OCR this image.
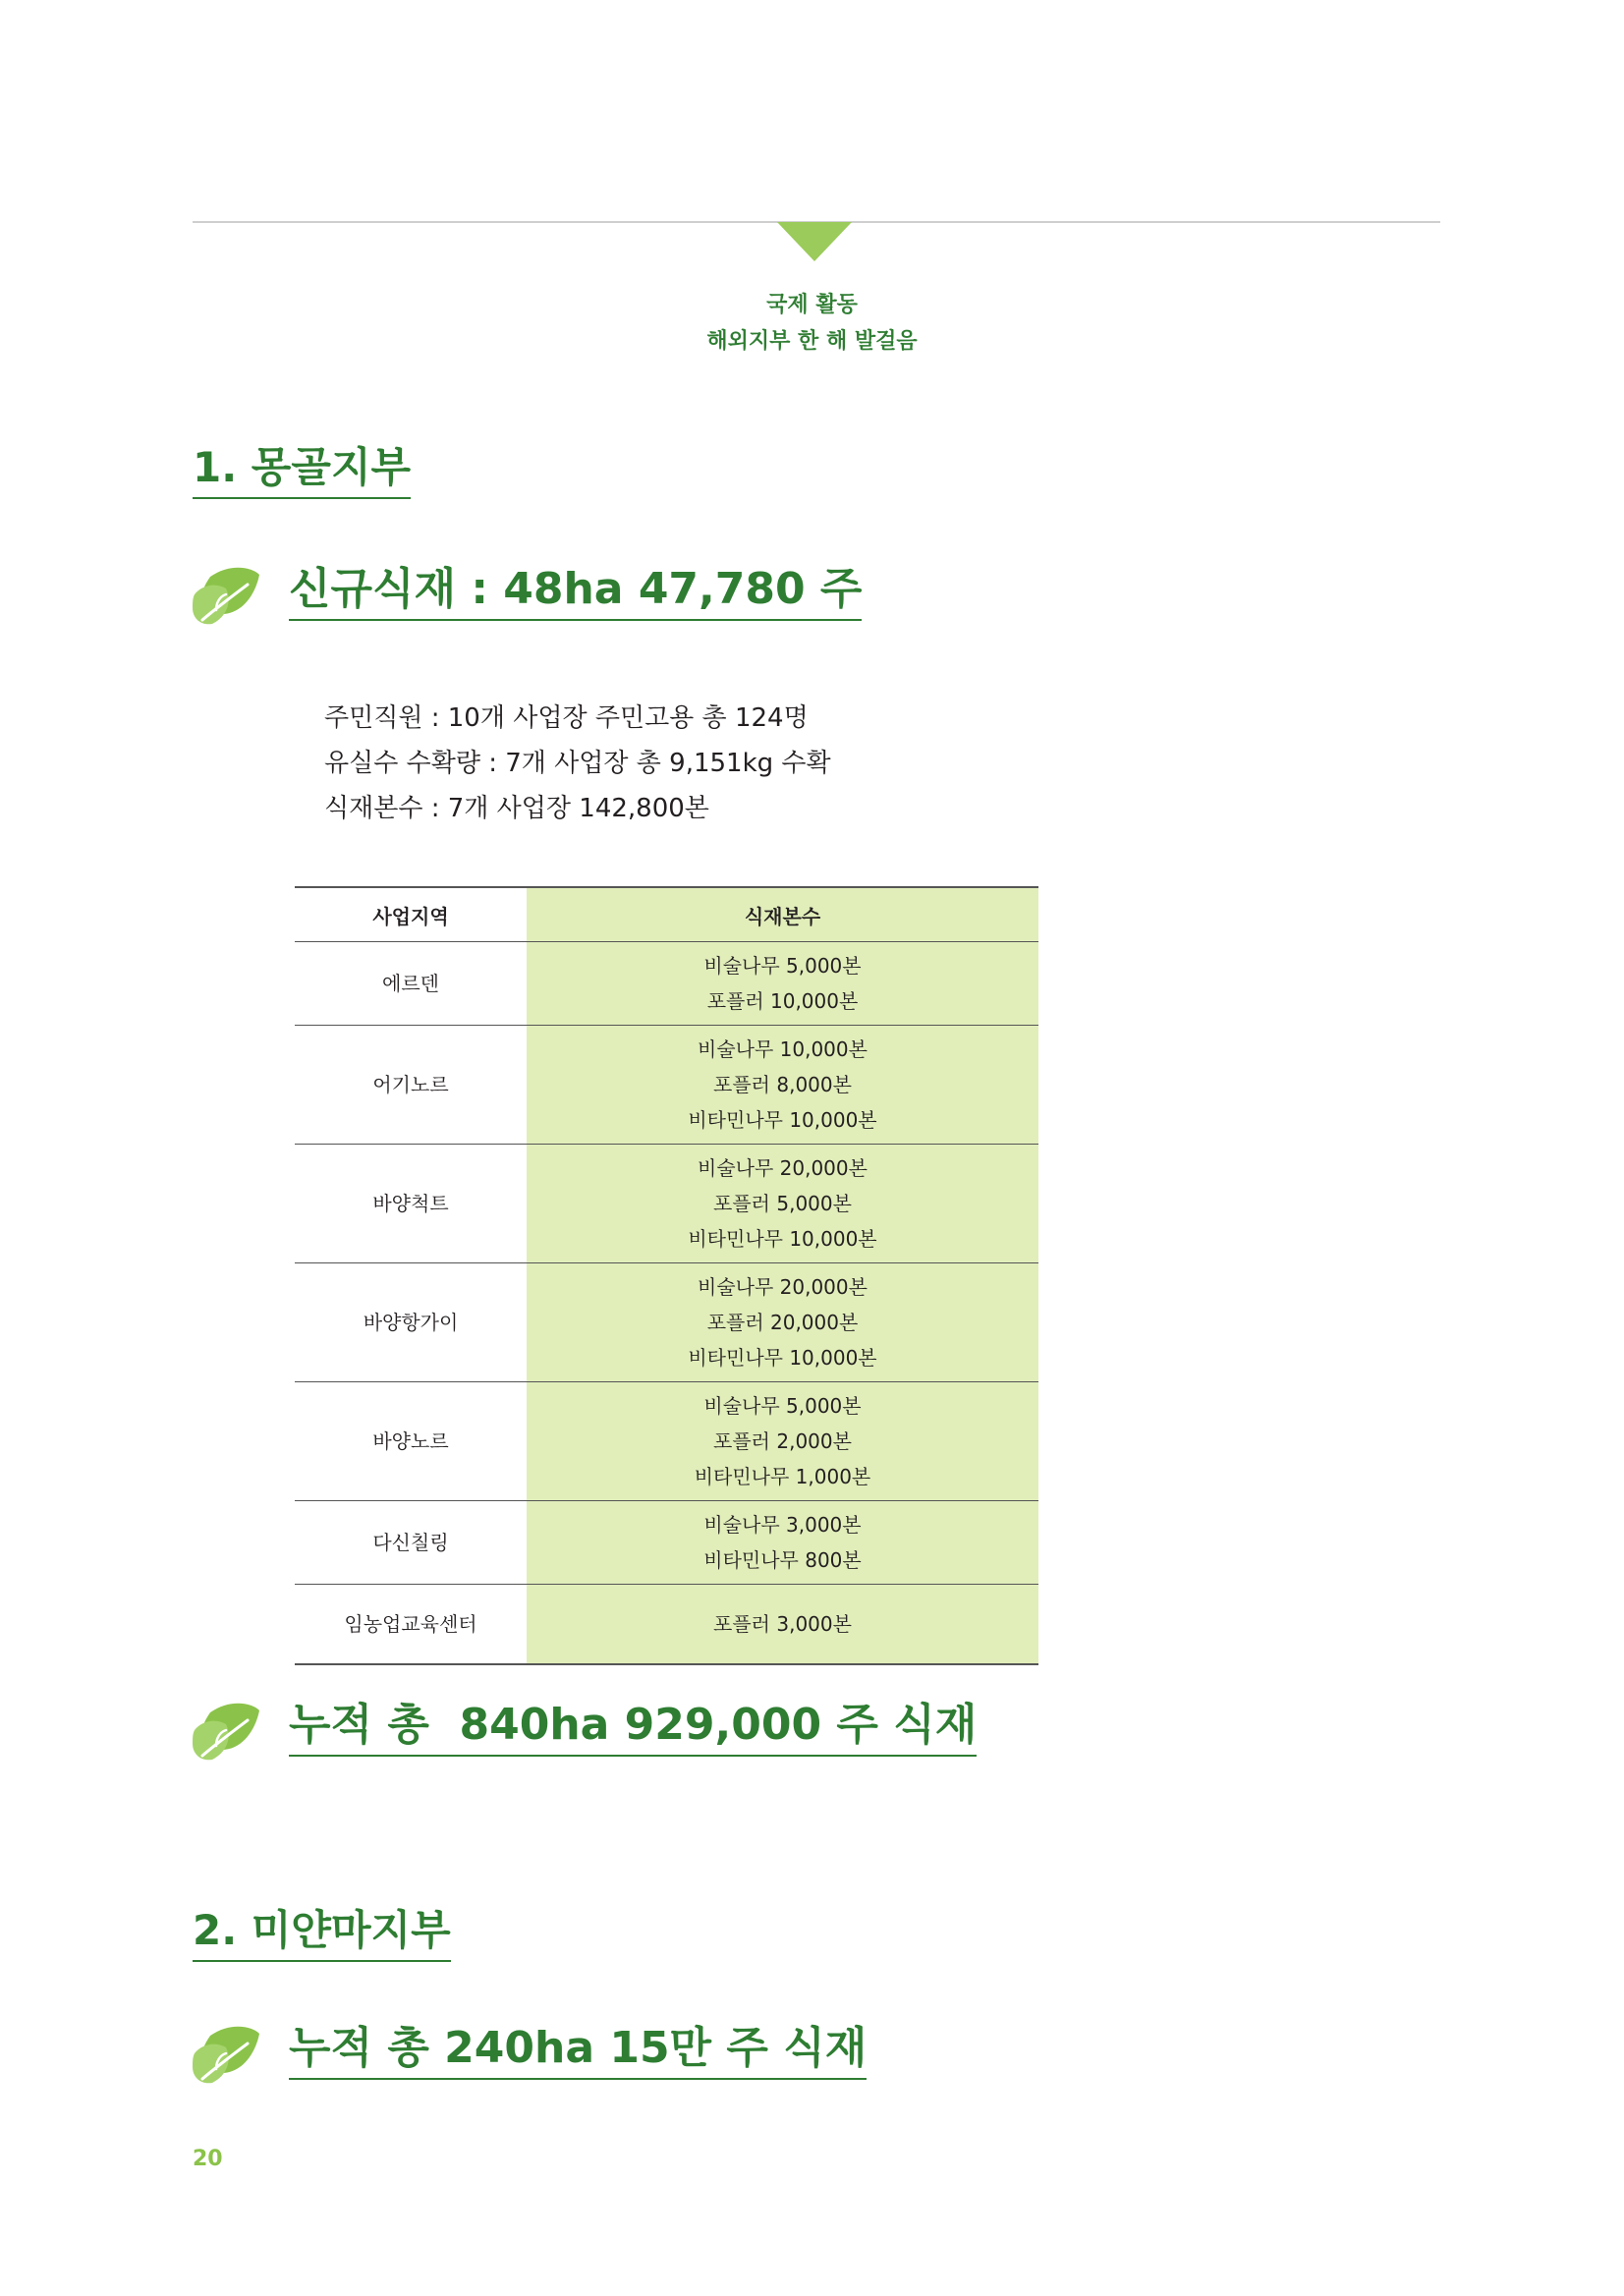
국제 활동
해외지부 한 해 발걸음
1. 몽골지부
신규식재 : 48ha 47,780 주
주민직원 : 10개 사업장 주민고용 총 124명
유실수 수확량 : 7개 사업장 총 9,151kg 수확
식재본수 : 7개 사업장 142,800본
사업지역	식재본수
에르덴	비술나무 5,000본
포플러 10,000본

어기노르	비술나무 10,000본
포플러 8,000본
비타민나무 10,000본

바양척트	비술나무 20,000본
포플러 5,000본
비타민나무 10,000본

바양항가이	비술나무 20,000본
포플러 20,000본
비타민나무 10,000본

바양노르	비술나무 5,000본
포플러 2,000본
비타민나무 1,000본

다신칠링	비술나무 3,000본
비타민나무 800본

임농업교육센터	포플러 3,000본
누적 총  840ha 929,000 주 식재
2. 미얀마지부
누적 총 240ha 15만 주 식재
20
